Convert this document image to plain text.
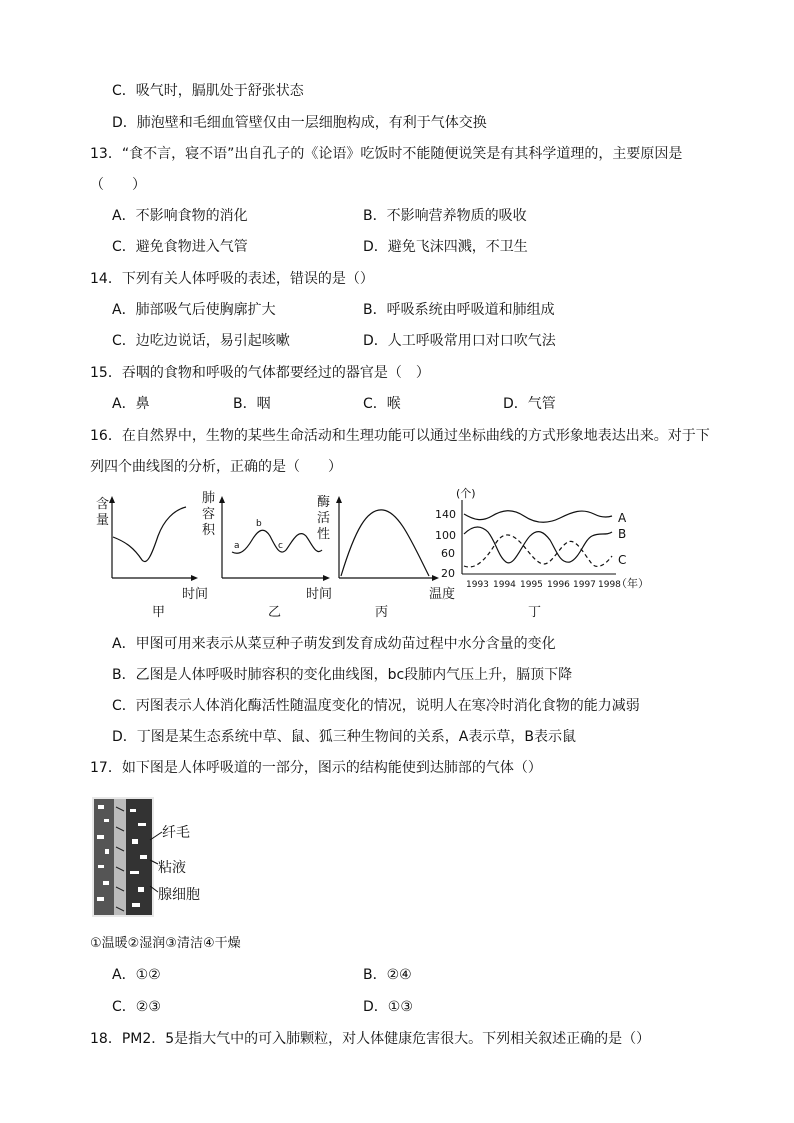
C．吸气时，膈肌处于舒张状态
D．肺泡壁和毛细血管壁仅由一层细胞构成，有利于气体交换
13．“食不言，寝不语”出自孔子的《论语》吃饭时不能随便说笑是有其科学道理的，主要原因是
（　　）
A．不影响食物的消化	B．不影响营养物质的吸收
C．避免食物进入气管	D．避免飞沫四溅，不卫生
14．下列有关人体呼吸的表述，错误的是（）
A．肺部吸气后使胸廓扩大	B．呼吸系统由呼吸道和肺组成
C．边吃边说话，易引起咳嗽	D．人工呼吸常用口对口吹气法
15．吞咽的食物和呼吸的气体都要经过的器官是（　）
A．鼻	B．咽	C．喉	D．气管
16．在自然界中，生物的某些生命活动和生理功能可以通过坐标曲线的方式形象地表达出来。对于下
列四个曲线图的分析，正确的是（　　）
含
量
时间
甲
肺
容
积
a
b
c
时间
乙
酶
活
性
温度
丙
(个)
140
100
60
20
A
B
C
1993 1994 1995 1996 1997 1998
（年）
丁
A．甲图可用来表示从菜豆种子萌发到发育成幼苗过程中水分含量的变化
B．乙图是人体呼吸时肺容积的变化曲线图，bc段肺内气压上升，膈顶下降
C．丙图表示人体消化酶活性随温度变化的情况，说明人在寒冷时消化食物的能力减弱
D．丁图是某生态系统中草、鼠、狐三种生物间的关系，A表示草，B表示鼠
17．如下图是人体呼吸道的一部分，图示的结构能使到达肺部的气体（）
纤毛
粘液
腺细胞
①温暖②湿润③清洁④干燥
A．①②	B．②④
C．②③	D．①③
18．PM2．5是指大气中的可入肺颗粒，对人体健康危害很大。下列相关叙述正确的是（）
